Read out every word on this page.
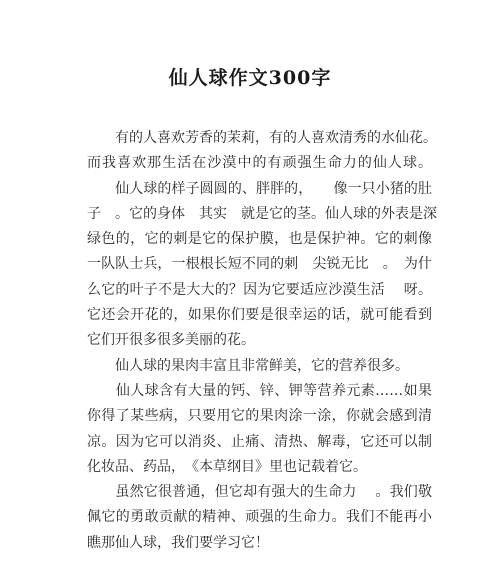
仙人球作文300字
　　有的人喜欢芳香的茉莉，有的人喜欢清秀的水仙花。
而我喜欢那生活在沙漠中的有顽强生命力的仙人球。
　　仙人球的样子圆圆的、胖胖的，　　像一只小猪的肚
子　。它的身体　其实　就是它的茎。仙人球的外表是深
绿色的，它的刺是它的保护膜，也是保护神。它的刺像
一队队士兵，一根根长短不同的刺　尖锐无比　。　为什
么它的叶子不是大大的？因为它要适应沙漠生活　 呀。
它还会开花的，如果你们要是很幸运的话，就可能看到
它们开很多很多美丽的花。
　　仙人球的果肉丰富且非常鲜美，它的营养很多。
　　仙人球含有大量的钙、锌、钾等营养元素……如果
你得了某些病，只要用它的果肉涂一涂，你就会感到清
凉。因为它可以消炎、止痛、清热、解毒，它还可以制
化妆品、药品，　《本草纲目》里也记载着它。
　　虽然它很普通，但它却有强大的生命力　 。我们敬
佩它的勇敢贡献的精神、顽强的生命力。我们不能再小
瞧那仙人球，我们要学习它！
